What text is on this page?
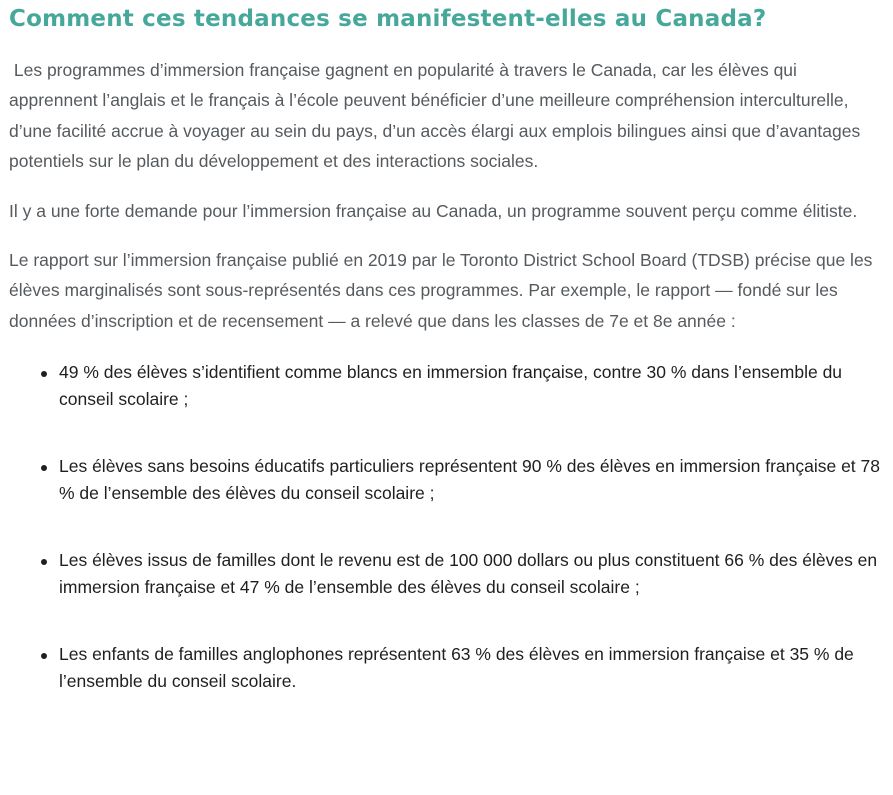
Comment ces tendances se manifestent-elles au Canada?

Les programmes d’immersion française gagnent en popularité à travers le Canada, car les élèves qui apprennent l’anglais et le français à l’école peuvent bénéficier d’une meilleure compréhension interculturelle, d’une facilité accrue à voyager au sein du pays, d’un accès élargi aux emplois bilingues ainsi que d’avantages potentiels sur le plan du développement et des interactions sociales.

Il y a une forte demande pour l’immersion française au Canada, un programme souvent perçu comme élitiste.

Le rapport sur l’immersion française publié en 2019 par le Toronto District School Board (TDSB) précise que les élèves marginalisés sont sous-représentés dans ces programmes. Par exemple, le rapport — fondé sur les données d’inscription et de recensement — a relevé que dans les classes de 7e et 8e année :

49 % des élèves s’identifient comme blancs en immersion française, contre 30 % dans l’ensemble du conseil scolaire ;
Les élèves sans besoins éducatifs particuliers représentent 90 % des élèves en immersion française et 78 % de l’ensemble des élèves du conseil scolaire ;
Les élèves issus de familles dont le revenu est de 100 000 dollars ou plus constituent 66 % des élèves en immersion française et 47 % de l’ensemble des élèves du conseil scolaire ;
Les enfants de familles anglophones représentent 63 % des élèves en immersion française et 35 % de l’ensemble du conseil scolaire.
